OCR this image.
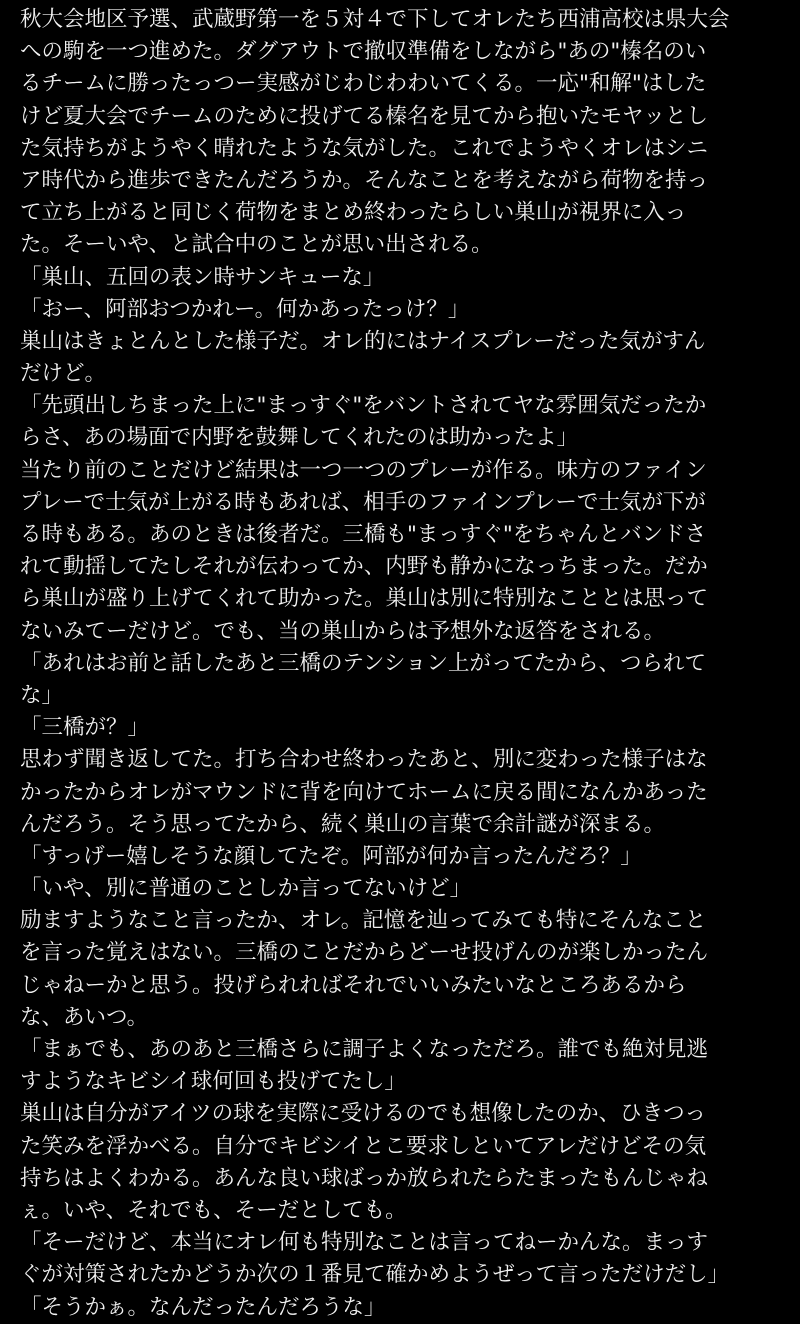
秋大会地区予選、武蔵野第一を５対４で下してオレたち西浦高校は県大会
への駒を一つ進めた。ダグアウトで撤収準備をしながら"あの"榛名のい
るチームに勝ったっつー実感がじわじわわいてくる。一応"和解"はした
けど夏大会でチームのために投げてる榛名を見てから抱いたモヤッとし
た気持ちがようやく晴れたような気がした。これでようやくオレはシニ
ア時代から進歩できたんだろうか。そんなことを考えながら荷物を持っ
て立ち上がると同じく荷物をまとめ終わったらしい巣山が視界に入っ
た。そーいや、と試合中のことが思い出される。
「巣山、五回の表ン時サンキューな」
「おー、阿部おつかれー。何かあったっけ？」
巣山はきょとんとした様子だ。オレ的にはナイスプレーだった気がすん
だけど。
「先頭出しちまった上に"まっすぐ"をバントされてヤな雰囲気だったか
らさ、あの場面で内野を鼓舞してくれたのは助かったよ」
当たり前のことだけど結果は一つ一つのプレーが作る。味方のファイン
プレーで士気が上がる時もあれば、相手のファインプレーで士気が下が
る時もある。あのときは後者だ。三橋も"まっすぐ"をちゃんとバンドさ
れて動揺してたしそれが伝わってか、内野も静かになっちまった。だか
ら巣山が盛り上げてくれて助かった。巣山は別に特別なこととは思って
ないみてーだけど。でも、当の巣山からは予想外な返答をされる。
「あれはお前と話したあと三橋のテンション上がってたから、つられて
な」
「三橋が？」
思わず聞き返してた。打ち合わせ終わったあと、別に変わった様子はな
かったからオレがマウンドに背を向けてホームに戻る間になんかあった
んだろう。そう思ってたから、続く巣山の言葉で余計謎が深まる。
「すっげー嬉しそうな顔してたぞ。阿部が何か言ったんだろ？」
「いや、別に普通のことしか言ってないけど」
励ますようなこと言ったか、オレ。記憶を辿ってみても特にそんなこと
を言った覚えはない。三橋のことだからどーせ投げんのが楽しかったん
じゃねーかと思う。投げられればそれでいいみたいなところあるから
な、あいつ。
「まぁでも、あのあと三橋さらに調子よくなっただろ。誰でも絶対見逃
すようなキビシイ球何回も投げてたし」
巣山は自分がアイツの球を実際に受けるのでも想像したのか、ひきつっ
た笑みを浮かべる。自分でキビシイとこ要求しといてアレだけどその気
持ちはよくわかる。あんな良い球ばっか放られたらたまったもんじゃね
ぇ。いや、それでも、そーだとしても。
「そーだけど、本当にオレ何も特別なことは言ってねーかんな。まっす
ぐが対策されたかどうか次の１番見て確かめようぜって言っただけだし」
「そうかぁ。なんだったんだろうな」
